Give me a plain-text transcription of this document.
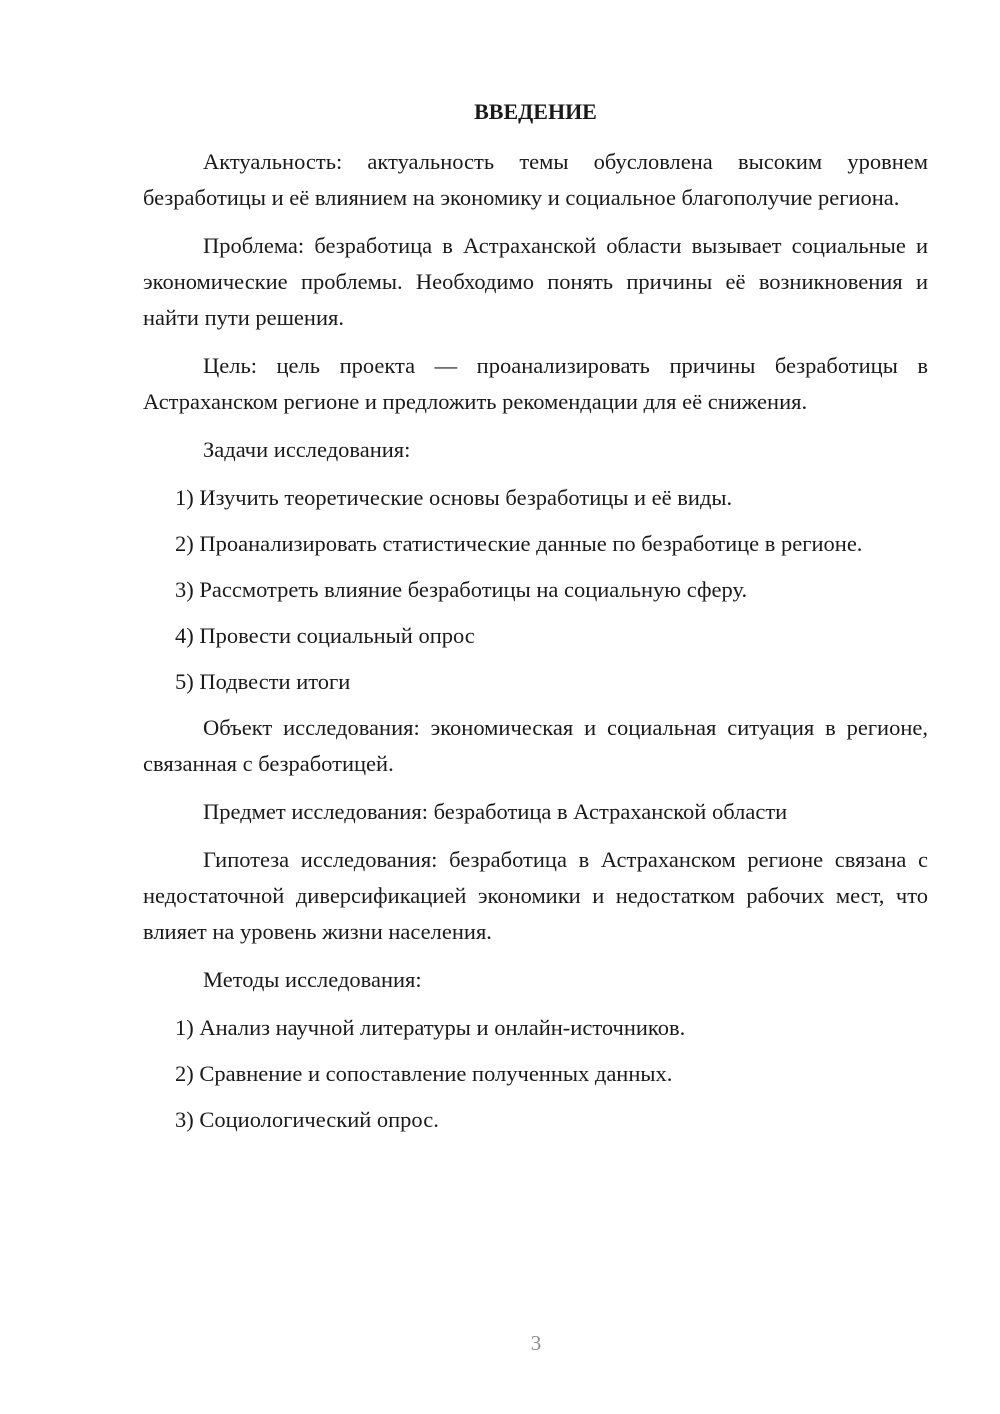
ВВЕДЕНИЕ

Актуальность: актуальность темы обусловлена высоким уровнем безработицы и её влиянием на экономику и социальное благополучие региона.

Проблема: безработица в Астраханской области вызывает социальные и экономические проблемы. Необходимо понять причины её возникновения и найти пути решения.

Цель: цель проекта — проанализировать причины безработицы в Астраханском регионе и предложить рекомендации для её снижения.

Задачи исследования:

1) Изучить теоретические основы безработицы и её виды.

2) Проанализировать статистические данные по безработице в регионе.

3) Рассмотреть влияние безработицы на социальную сферу.

4) Провести социальный опрос

5) Подвести итоги

Объект исследования: экономическая и социальная ситуация в регионе, связанная с безработицей.

Предмет исследования: безработица в Астраханской области

Гипотеза исследования: безработица в Астраханском регионе связана с недостаточной диверсификацией экономики и недостатком рабочих мест, что влияет на уровень жизни населения.

Методы исследования:

1) Анализ научной литературы и онлайн-источников.

2) Сравнение и сопоставление полученных данных.

3) Социологический опрос.

3
